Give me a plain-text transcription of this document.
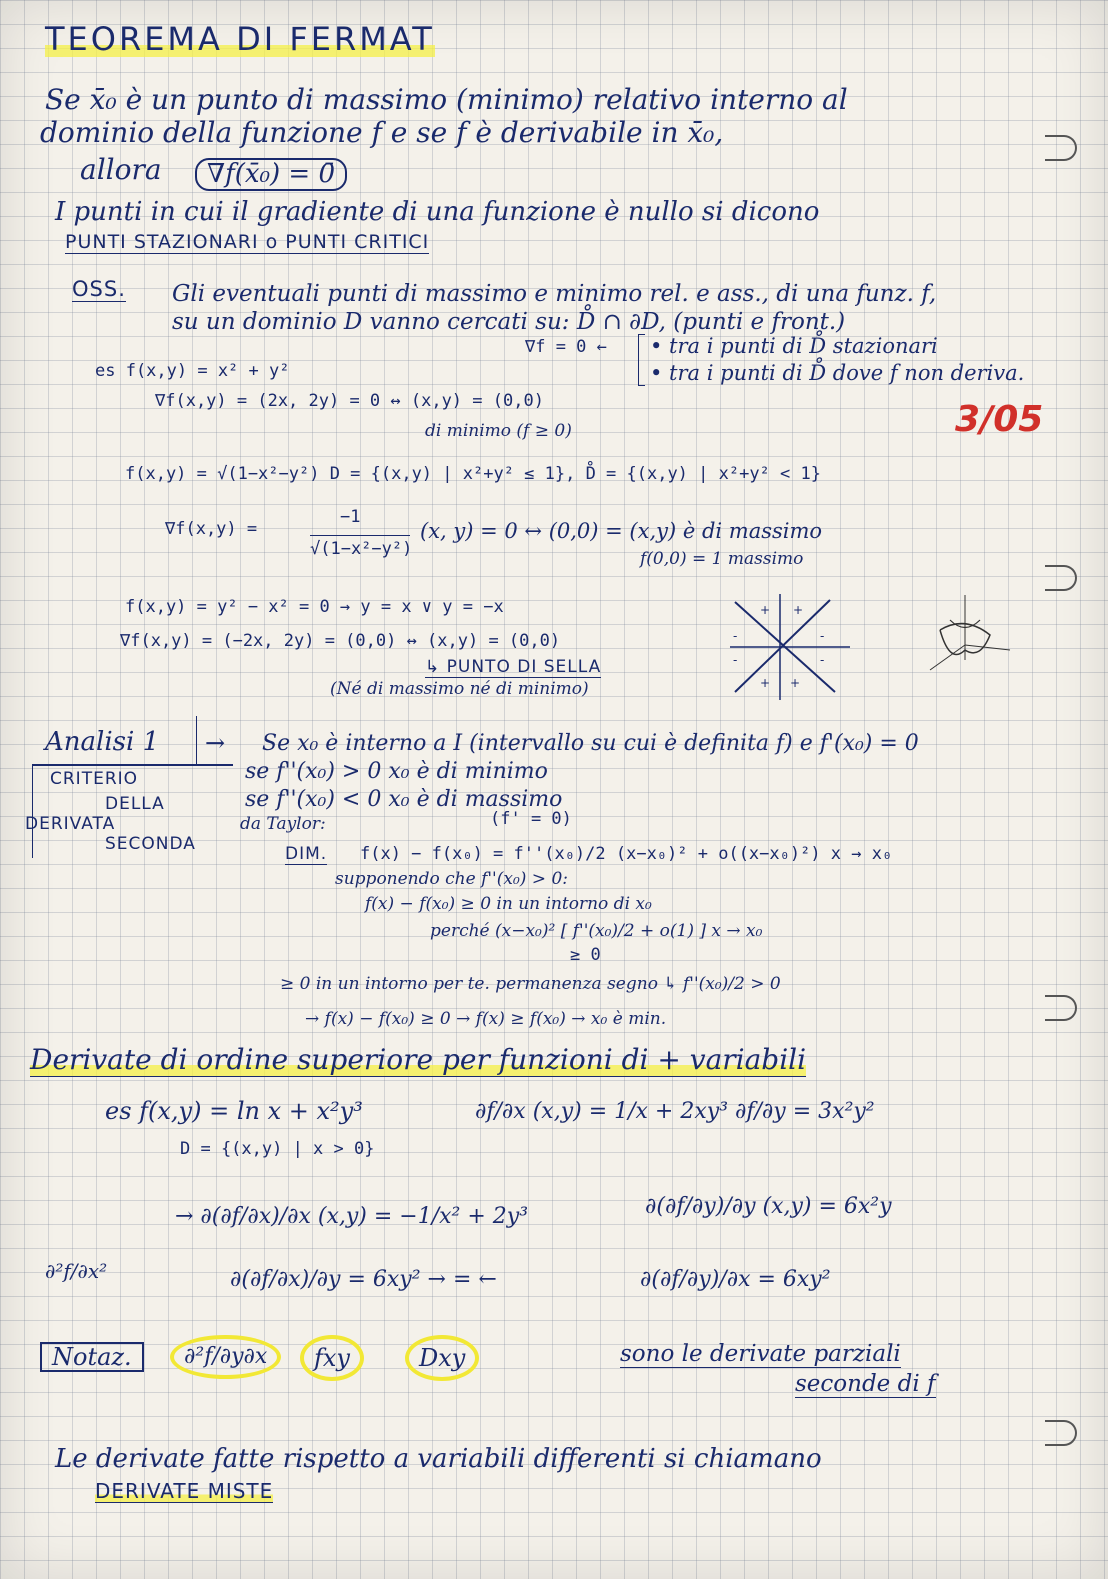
TEOREMA DI FERMAT
Se x̄₀ è un punto di massimo (minimo) relativo interno al
dominio della funzione f e se f è derivabile in x̄₀,
allora	∇f(x̄₀) = 0̄
I punti in cui il gradiente di una funzione è nullo si dicono
PUNTI STAZIONARI o PUNTI CRITICI
OSS. Gli eventuali punti di massimo e minimo rel. e ass., di una funz. f,
su un dominio D vanno cercati su: D̊ ∩ ∂D, (punti e front.)
∇f = 0 ← • tra i punti di D̊ stazionari
• tra i punti di D̊ dove f non deriva.
3/05
es f(x,y) = x² + y²
∇f(x,y) = (2x, 2y) = 0 ↔ (x,y) = (0,0)
di minimo (f ≥ 0)
f(x,y) = √(1−x²−y²) D = {(x,y) | x²+y² ≤ 1}, D̊ = {(x,y) | x²+y² < 1}
∇f(x,y) =
−1
√(1−x²−y²)
(x, y) = 0 ↔ (0,0) = (x,y) è di massimo
f(0,0) = 1 massimo
f(x,y) = y² − x² = 0 → y = x ∨ y = −x
∇f(x,y) = (−2x, 2y) = (0,0) ↔ (x,y) = (0,0)
↳ PUNTO DI SELLA
(Né di massimo né di minimo)
+ +
-	-
-	-
+ +
Analisi 1 → Se x₀ è interno a I (intervallo su cui è definita f) e f'(x₀) = 0
se f''(x₀) > 0 x₀ è di minimo
se f''(x₀) < 0 x₀ è di massimo
CRITERIO
DELLA
DERIVATA
SECONDA
da Taylor:	(f' = 0)
DIM. f(x) − f(x₀) = f''(x₀)/2 (x−x₀)² + o((x−x₀)²) x → x₀
supponendo che f''(x₀) > 0:
f(x) − f(x₀) ≥ 0 in un intorno di x₀
perché (x−x₀)² [ f''(x₀)/2 + o(1) ] x → x₀
≥ 0
≥ 0 in un intorno per te. permanenza segno ↳ f''(x₀)/2 > 0
→ f(x) − f(x₀) ≥ 0 → f(x) ≥ f(x₀) → x₀ è min.
Derivate di ordine superiore per funzioni di + variabili
es f(x,y) = ln x + x²y³	∂f/∂x (x,y) = 1/x + 2xy³ ∂f/∂y = 3x²y²
D = {(x,y) | x > 0}
→ ∂(∂f/∂x)/∂x (x,y) = −1/x² + 2y³	∂(∂f/∂y)/∂y (x,y) = 6x²y
∂²f/∂x²	∂(∂f/∂x)/∂y = 6xy² → = ←	∂(∂f/∂y)/∂x = 6xy²
Notaz.	∂²f/∂y∂x	fxy	Dxy	sono le derivate parziali
seconde di f
Le derivate fatte rispetto a variabili differenti si chiamano
DERIVATE MISTE
